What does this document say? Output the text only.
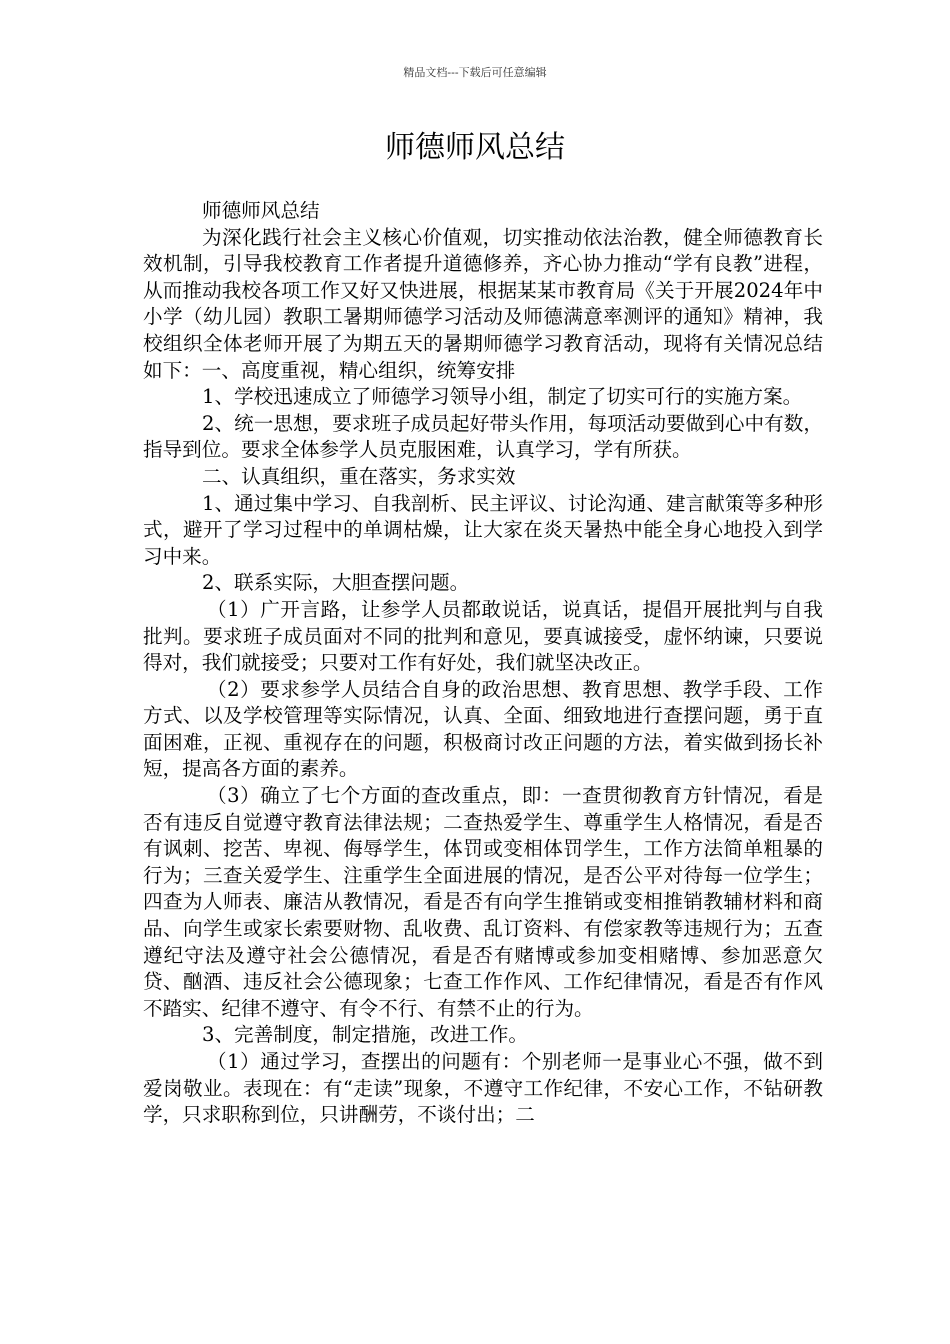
精品文档---下载后可任意编辑
师德师风总结

师德师风总结

为深化践行社会主义核心价值观，切实推动依法治教，健全师德教育长效机制，引导我校教育工作者提升道德修养，齐心协力推动“学有良教”进程，从而推动我校各项工作又好又快进展，根据某某市教育局《关于开展2024年中小学（幼儿园）教职工暑期师德学习活动及师德满意率测评的通知》精神，我校组织全体老师开展了为期五天的暑期师德学习教育活动，现将有关情况总结如下：一、高度重视，精心组织，统筹安排

1、学校迅速成立了师德学习领导小组，制定了切实可行的实施方案。

2、统一思想，要求班子成员起好带头作用，每项活动要做到心中有数，指导到位。要求全体参学人员克服困难，认真学习，学有所获。

二、认真组织，重在落实，务求实效

1、通过集中学习、自我剖析、民主评议、讨论沟通、建言献策等多种形式，避开了学习过程中的单调枯燥，让大家在炎天暑热中能全身心地投入到学习中来。

2、联系实际，大胆查摆问题。

（1）广开言路，让参学人员都敢说话，说真话，提倡开展批判与自我批判。要求班子成员面对不同的批判和意见，要真诚接受，虚怀纳谏，只要说得对，我们就接受；只要对工作有好处，我们就坚决改正。

（2）要求参学人员结合自身的政治思想、教育思想、教学手段、工作方式、以及学校管理等实际情况，认真、全面、细致地进行查摆问题，勇于直面困难，正视、重视存在的问题，积极商讨改正问题的方法，着实做到扬长补短，提高各方面的素养。

（3）确立了七个方面的查改重点，即：一查贯彻教育方针情况，看是否有违反自觉遵守教育法律法规；二查热爱学生、尊重学生人格情况，看是否有讽刺、挖苦、卑视、侮辱学生，体罚或变相体罚学生，工作方法简单粗暴的行为；三查关爱学生、注重学生全面进展的情况，是否公平对待每一位学生；四查为人师表、廉洁从教情况，看是否有向学生推销或变相推销教辅材料和商品、向学生或家长索要财物、乱收费、乱订资料、有偿家教等违规行为；五查遵纪守法及遵守社会公德情况，看是否有赌博或参加变相赌博、参加恶意欠贷、酗酒、违反社会公德现象；七查工作作风、工作纪律情况，看是否有作风不踏实、纪律不遵守、有令不行、有禁不止的行为。

3、完善制度，制定措施，改进工作。

（1）通过学习，查摆出的问题有：个别老师一是事业心不强，做不到爱岗敬业。表现在：有“走读”现象，不遵守工作纪律，不安心工作，不钻研教学，只求职称到位，只讲酬劳，不谈付出；二
